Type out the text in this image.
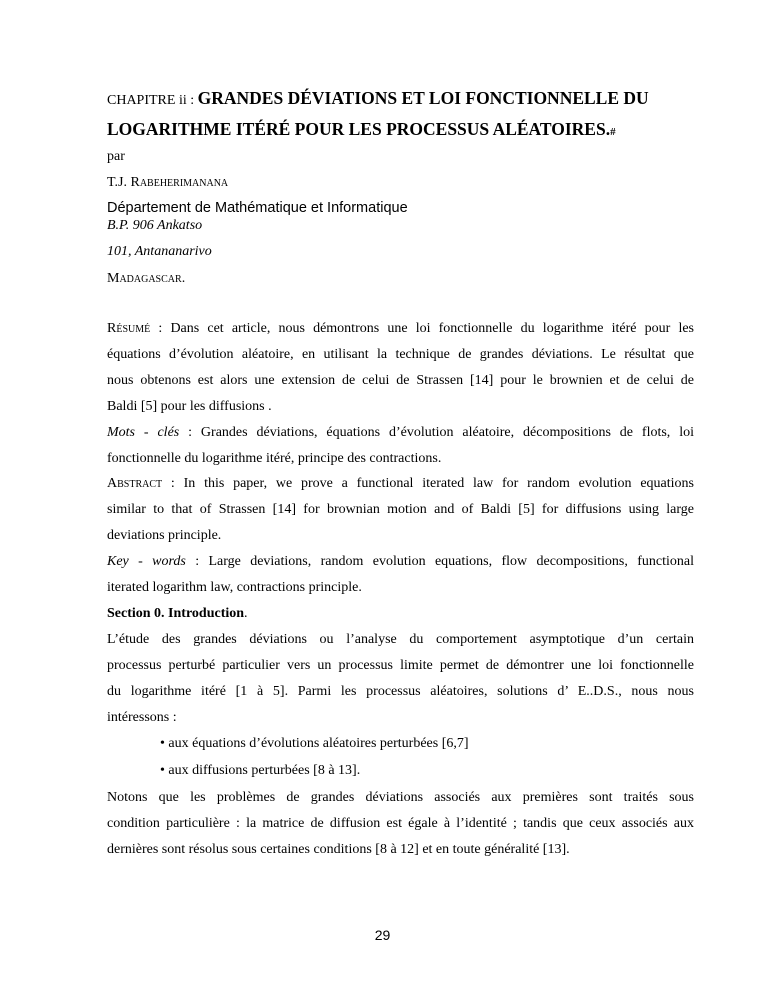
CHAPITRE ii : GRANDES DÉVIATIONS ET LOI FONCTIONNELLE DU
LOGARITHME ITÉRÉ POUR LES PROCESSUS ALÉATOIRES.#
par
T.J. RABEHERIMANANA
Département de Mathématique et Informatique
B.P. 906 Ankatso
101, Antananarivo
MADAGASCAR.
RÉSUMÉ : Dans cet article, nous démontrons une loi fonctionnelle du logarithme itéré pour les
équations d’évolution aléatoire, en utilisant la technique de grandes déviations. Le résultat que
nous obtenons est alors une extension de celui de Strassen [14] pour le brownien et de celui de
Baldi [5] pour les diffusions .
Mots - clés : Grandes déviations, équations d’évolution aléatoire, décompositions de flots, loi
fonctionnelle du logarithme itéré, principe des contractions.
ABSTRACT : In this paper, we prove a functional iterated law for random evolution equations
similar to that of Strassen [14] for brownian motion and of Baldi [5] for diffusions using large
deviations principle.
Key - words : Large deviations, random evolution equations, flow decompositions, functional
iterated logarithm law, contractions principle.
Section 0. Introduction.
L’étude des grandes déviations ou l’analyse du comportement asymptotique d’un certain
processus perturbé particulier vers un processus limite permet de démontrer une loi fonctionnelle
du logarithme itéré [1 à 5]. Parmi les processus aléatoires, solutions d’ E..D.S., nous nous
intéressons :
• aux équations d’évolutions aléatoires perturbées [6,7]
• aux diffusions perturbées [8 à 13].
Notons que les problèmes de grandes déviations associés aux premières sont traités sous
condition particulière : la matrice de diffusion est égale à l’identité ; tandis que ceux associés aux
dernières sont résolus sous certaines conditions [8 à 12] et en toute généralité [13].
29
